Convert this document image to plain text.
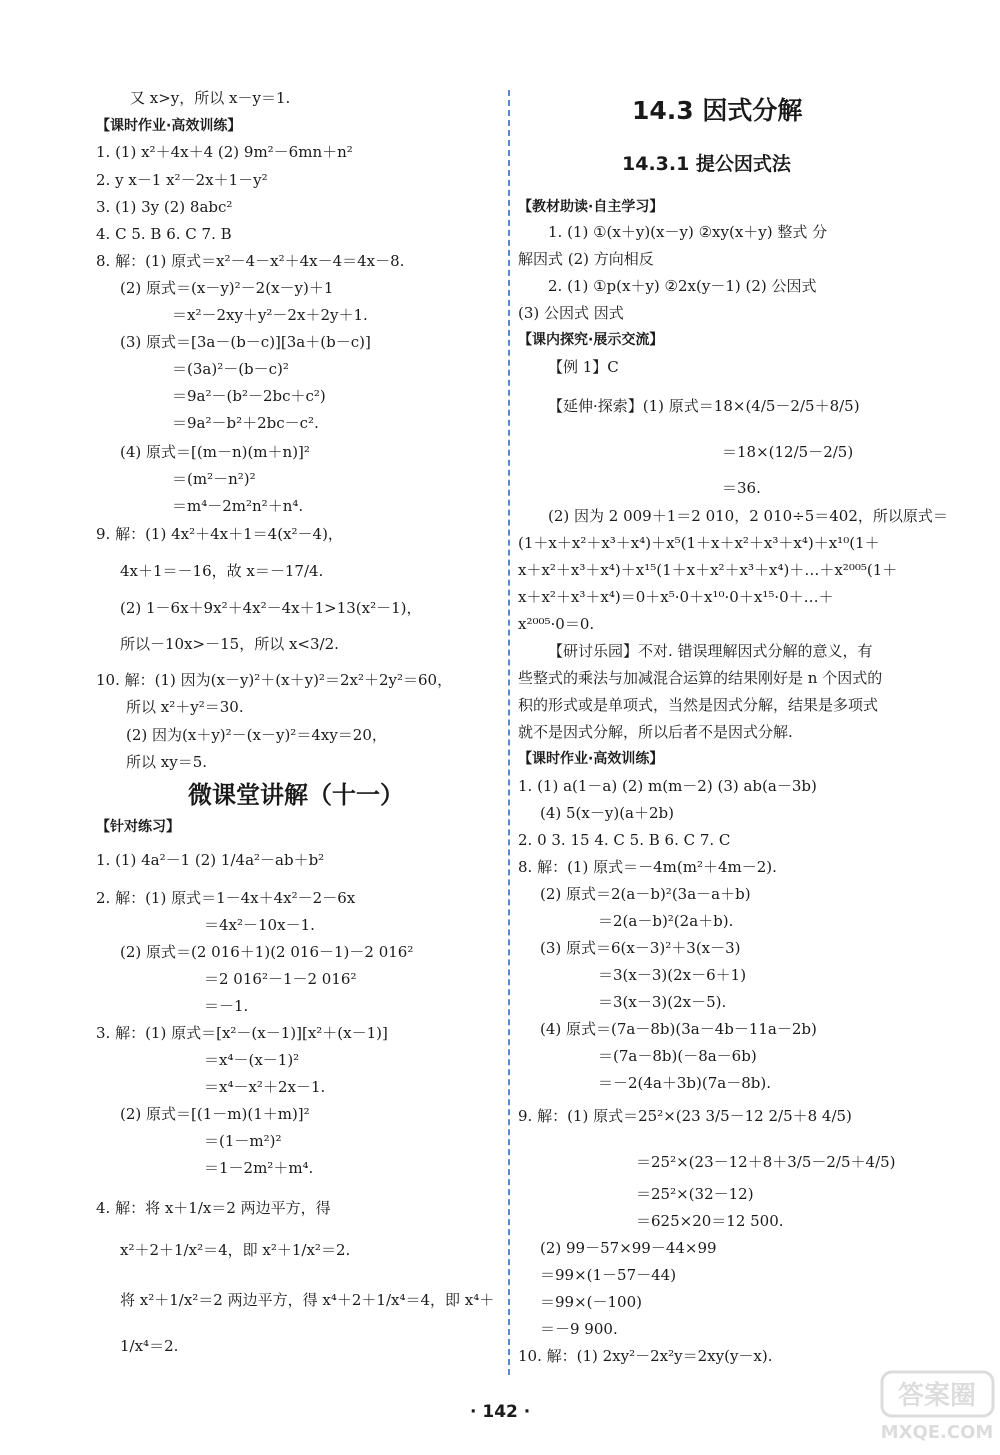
又 x>y，所以 x－y＝1.
【课时作业·高效训练】
1. (1) x²＋4x＋4 (2) 9m²－6mn＋n²
2. y x－1 x²－2x＋1－y²
3. (1) 3y (2) 8abc²
4. C 5. B 6. C 7. B
8. 解：(1) 原式＝x²－4－x²＋4x－4＝4x－8.
(2) 原式＝(x－y)²－2(x－y)＋1
＝x²－2xy＋y²－2x＋2y＋1.
(3) 原式＝[3a－(b－c)][3a＋(b－c)]
＝(3a)²－(b－c)²
＝9a²－(b²－2bc＋c²)
＝9a²－b²＋2bc－c².
(4) 原式＝[(m－n)(m＋n)]²
＝(m²－n²)²
＝m⁴－2m²n²＋n⁴.
9. 解：(1) 4x²＋4x＋1＝4(x²－4)，
4x＋1＝－16，故 x＝－17/4.
(2) 1－6x＋9x²＋4x²－4x＋1>13(x²－1)，
所以－10x>－15，所以 x<3/2.
10. 解：(1) 因为(x－y)²＋(x＋y)²＝2x²＋2y²＝60，
所以 x²＋y²＝30.
(2) 因为(x＋y)²－(x－y)²＝4xy＝20，
所以 xy＝5.
微课堂讲解（十一）
【针对练习】
1. (1) 4a²－1 (2) 1/4a²－ab＋b²
2. 解：(1) 原式＝1－4x＋4x²－2－6x
＝4x²－10x－1.
(2) 原式＝(2 016＋1)(2 016－1)－2 016²
＝2 016²－1－2 016²
＝－1.
3. 解：(1) 原式＝[x²－(x－1)][x²＋(x－1)]
＝x⁴－(x－1)²
＝x⁴－x²＋2x－1.
(2) 原式＝[(1－m)(1＋m)]²
＝(1－m²)²
＝1－2m²＋m⁴.
4. 解：将 x＋1/x＝2 两边平方，得
x²＋2＋1/x²＝4，即 x²＋1/x²＝2.
将 x²＋1/x²＝2 两边平方，得 x⁴＋2＋1/x⁴＝4，即 x⁴＋
1/x⁴＝2.
14.3 因式分解
14.3.1 提公因式法
【教材助读·自主学习】
1. (1) ①(x＋y)(x－y) ②xy(x＋y) 整式 分
解因式 (2) 方向相反
2. (1) ①p(x＋y) ②2x(y－1) (2) 公因式
(3) 公因式 因式
【课内探究·展示交流】
【例 1】C
【延伸·探索】(1) 原式＝18×(4/5－2/5＋8/5)
＝18×(12/5－2/5)
＝36.
(2) 因为 2 009＋1＝2 010，2 010÷5＝402，所以原式＝
(1＋x＋x²＋x³＋x⁴)＋x⁵(1＋x＋x²＋x³＋x⁴)＋x¹⁰(1＋
x＋x²＋x³＋x⁴)＋x¹⁵(1＋x＋x²＋x³＋x⁴)＋…＋x²⁰⁰⁵(1＋
x＋x²＋x³＋x⁴)＝0＋x⁵·0＋x¹⁰·0＋x¹⁵·0＋…＋
x²⁰⁰⁵·0＝0.
【研讨乐园】不对. 错误理解因式分解的意义，有
些整式的乘法与加减混合运算的结果刚好是 n 个因式的
积的形式或是单项式，当然是因式分解，结果是多项式
就不是因式分解，所以后者不是因式分解.
【课时作业·高效训练】
1. (1) a(1－a) (2) m(m－2) (3) ab(a－3b)
(4) 5(x－y)(a＋2b)
2. 0 3. 15 4. C 5. B 6. C 7. C
8. 解：(1) 原式＝－4m(m²＋4m－2).
(2) 原式＝2(a－b)²(3a－a＋b)
＝2(a－b)²(2a＋b).
(3) 原式＝6(x－3)²＋3(x－3)
＝3(x－3)(2x－6＋1)
＝3(x－3)(2x－5).
(4) 原式＝(7a－8b)(3a－4b－11a－2b)
＝(7a－8b)(－8a－6b)
＝－2(4a＋3b)(7a－8b).
9. 解：(1) 原式＝25²×(23 3/5－12 2/5＋8 4/5)
＝25²×(23－12＋8＋3/5－2/5＋4/5)
＝25²×(32－12)
＝625×20＝12 500.
(2) 99－57×99－44×99
＝99×(1－57－44)
＝99×(－100)
＝－9 900.
10. 解：(1) 2xy²－2x²y＝2xy(y－x).
· 142 ·
答案圈
MXQE.COM
